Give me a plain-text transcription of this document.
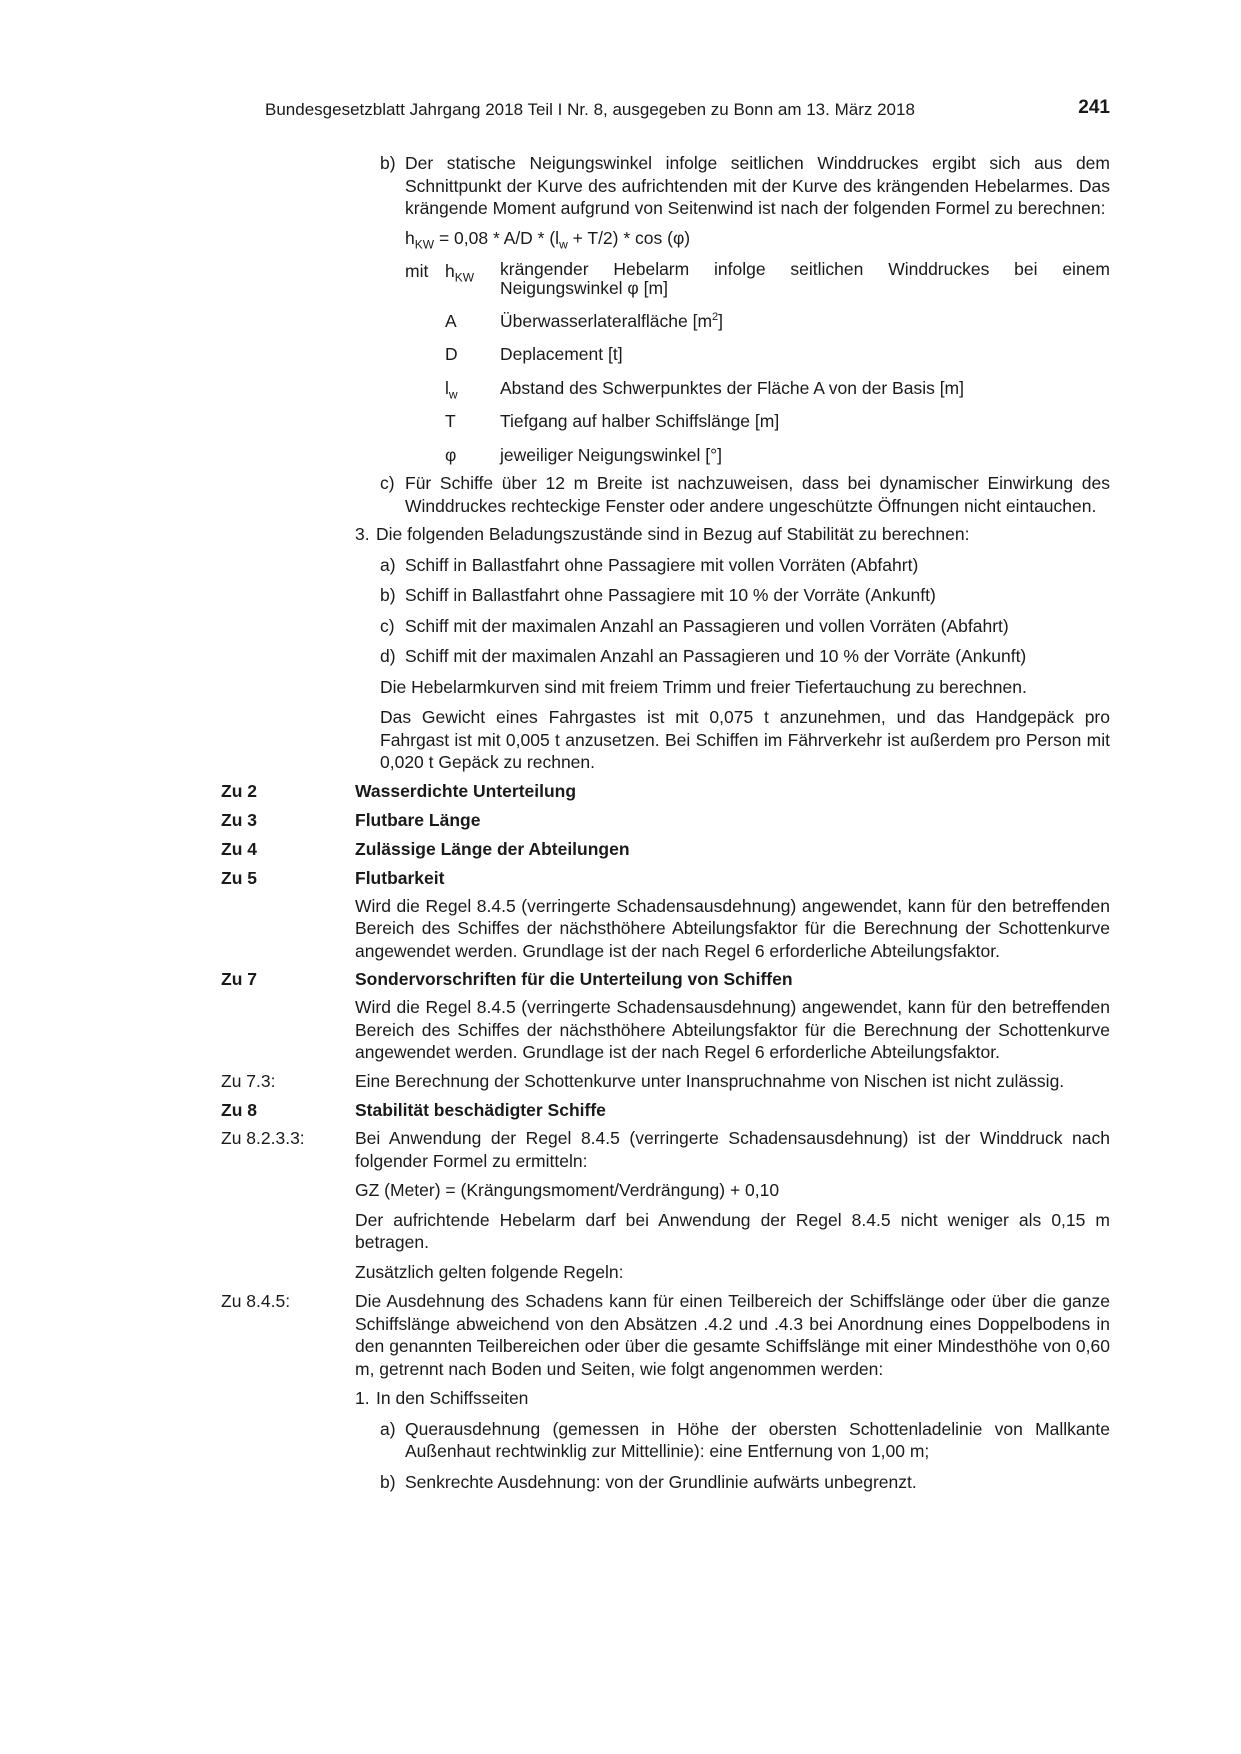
Bundesgesetzblatt Jahrgang 2018 Teil I Nr. 8, ausgegeben zu Bonn am 13. März 2018	241
b) Der statische Neigungswinkel infolge seitlichen Winddruckes ergibt sich aus dem Schnittpunkt der Kurve des aufrichtenden mit der Kurve des krängenden Hebelarmes. Das krängende Moment aufgrund von Seitenwind ist nach der folgenden Formel zu berechnen:
$h_{KW} = 0,08 * A/D * (l_w + T/2) * \cos (\varphi)$
mit $h_{KW}$ krängender Hebelarm infolge seitlichen Winddruckes bei einem Neigungswinkel φ [m]
A Überwasserlateralfläche $[m^2]$
D Deplacement [t]
$l_w$ Abstand des Schwerpunktes der Fläche A von der Basis [m]
T	Tiefgang auf halber Schiffslänge [m]
φ jeweiliger Neigungswinkel [°]
c) Für Schiffe über 12 m Breite ist nachzuweisen, dass bei dynamischer Einwirkung des Winddruckes rechteckige Fenster oder andere ungeschützte Öffnungen nicht eintauchen.
3. Die folgenden Beladungszustände sind in Bezug auf Stabilität zu berechnen:
a) Schiff in Ballastfahrt ohne Passagiere mit vollen Vorräten (Abfahrt)
b) Schiff in Ballastfahrt ohne Passagiere mit 10 % der Vorräte (Ankunft)
c) Schiff mit der maximalen Anzahl an Passagieren und vollen Vorräten (Abfahrt)
d) Schiff mit der maximalen Anzahl an Passagieren und 10 % der Vorräte (Ankunft)
Die Hebelarmkurven sind mit freiem Trimm und freier Tiefertauchung zu berechnen.
Das Gewicht eines Fahrgastes ist mit 0,075 t anzunehmen, und das Handgepäck pro Fahrgast ist mit 0,005 t anzusetzen. Bei Schiffen im Fährverkehr ist außerdem pro Person mit 0,020 t Gepäck zu rechnen.
Zu 2	Wasserdichte Unterteilung
Zu 3	Flutbare Länge
Zu 4	Zulässige Länge der Abteilungen
Zu 5	Flutbarkeit
Wird die Regel 8.4.5 (verringerte Schadensausdehnung) angewendet, kann für den betreffenden Bereich des Schiffes der nächsthöhere Abteilungsfaktor für die Berechnung der Schottenkurve angewendet werden. Grundlage ist der nach Regel 6 erforderliche Abteilungsfaktor.
Zu 7	Sondervorschriften für die Unterteilung von Schiffen
Wird die Regel 8.4.5 (verringerte Schadensausdehnung) angewendet, kann für den betreffenden Bereich des Schiffes der nächsthöhere Abteilungsfaktor für die Berechnung der Schottenkurve angewendet werden. Grundlage ist der nach Regel 6 erforderliche Abteilungsfaktor.
Zu 7.3:	Eine Berechnung der Schottenkurve unter Inanspruchnahme von Nischen ist nicht zulässig.
Zu 8	Stabilität beschädigter Schiffe
Zu 8.2.3.3:	Bei Anwendung der Regel 8.4.5 (verringerte Schadensausdehnung) ist der Winddruck nach folgender Formel zu ermitteln:
GZ (Meter) = (Krängungsmoment/Verdrängung) + 0,10
Der aufrichtende Hebelarm darf bei Anwendung der Regel 8.4.5 nicht weniger als 0,15 m betragen.
Zusätzlich gelten folgende Regeln:
Zu 8.4.5:	Die Ausdehnung des Schadens kann für einen Teilbereich der Schiffslänge oder über die ganze Schiffslänge abweichend von den Absätzen .4.2 und .4.3 bei Anordnung eines Doppelbodens in den genannten Teilbereichen oder über die gesamte Schiffslänge mit einer Mindesthöhe von 0,60 m, getrennt nach Boden und Seiten, wie folgt angenommen werden:
1. In den Schiffsseiten
a) Querausdehnung (gemessen in Höhe der obersten Schottenladelinie von Mallkante Außenhaut rechtwinklig zur Mittellinie): eine Entfernung von 1,00 m;
b) Senkrechte Ausdehnung: von der Grundlinie aufwärts unbegrenzt.
